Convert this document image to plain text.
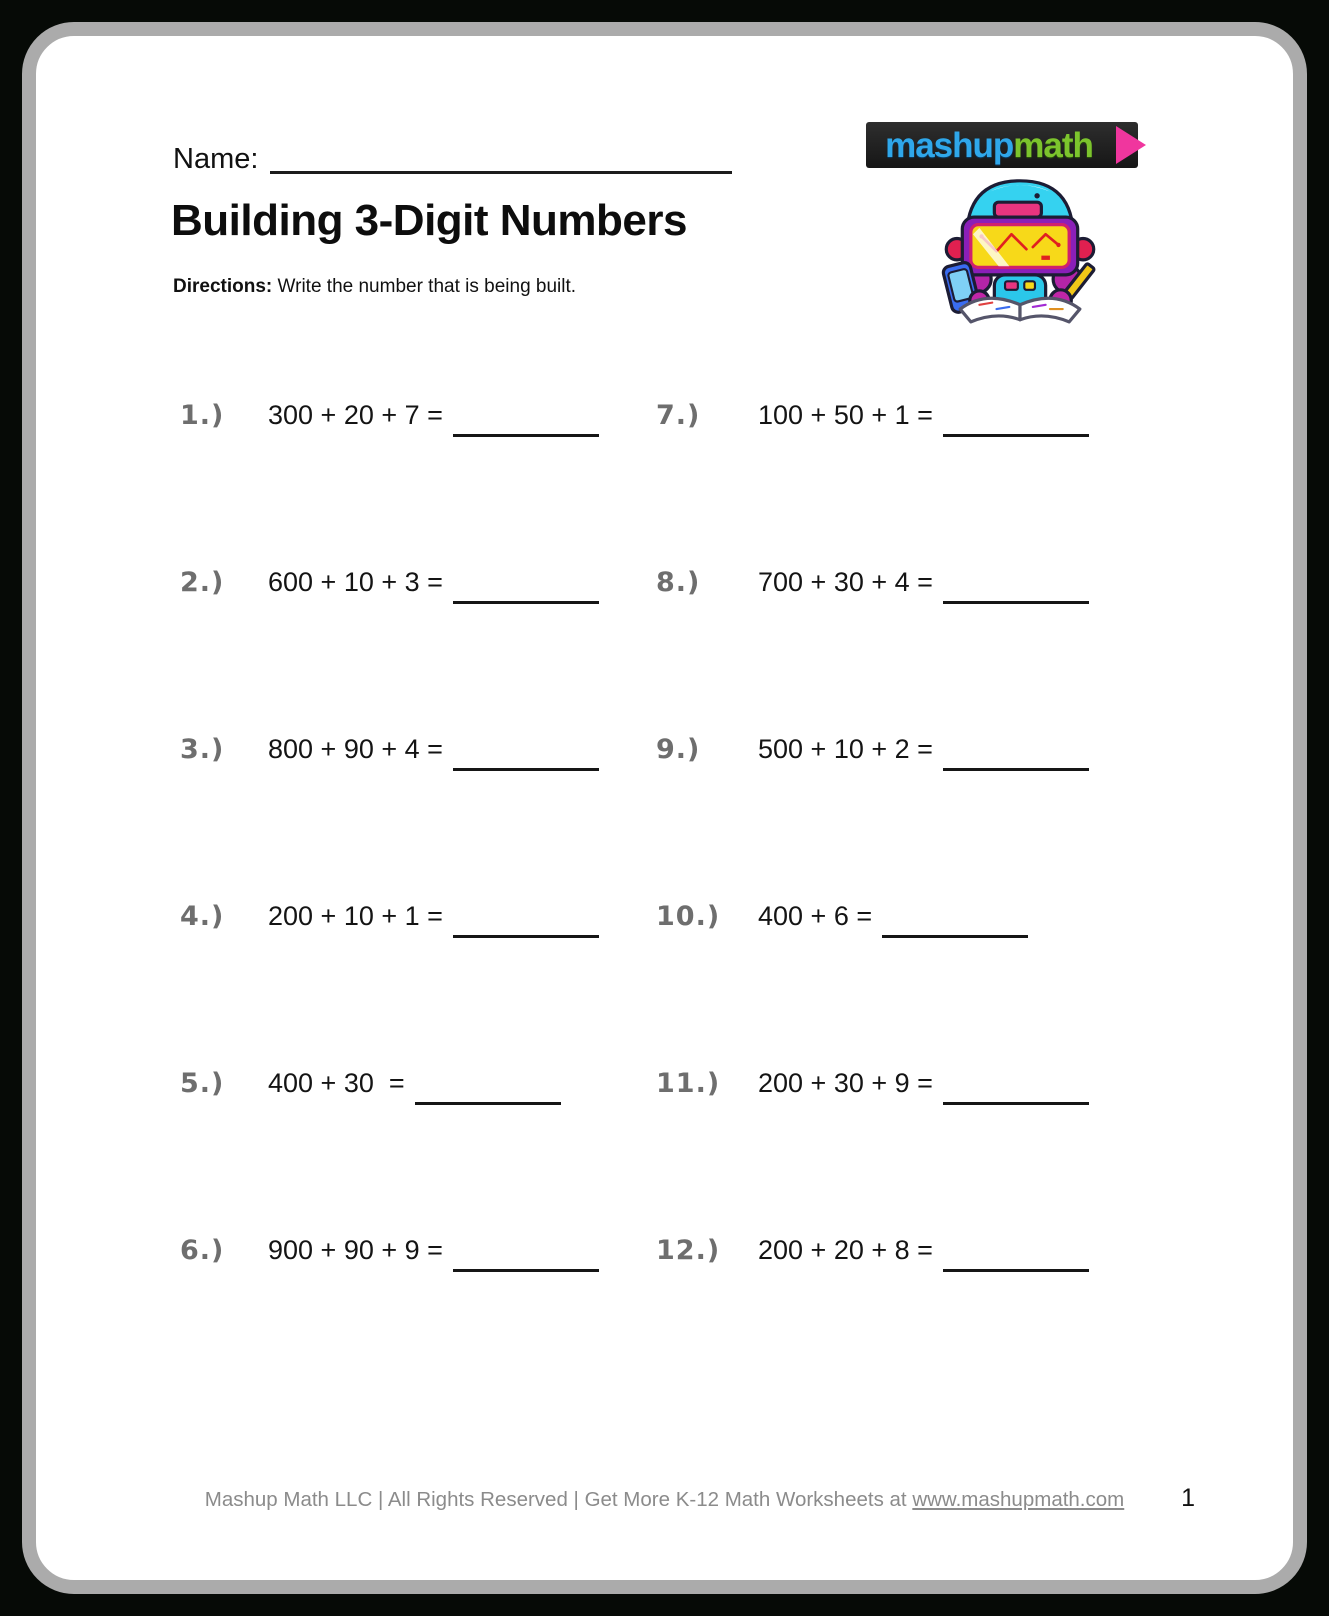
Name:	mashupmath
Building 3-Digit Numbers
Directions: Write the number that is being built.
1.)	300 + 20 + 7 =
2.)	600 + 10 + 3 =
3.)	800 + 90 + 4 =
4.)	200 + 10 + 1 =
5.)	400 + 30  =
6.)	900 + 90 + 9 =
7.)	100 + 50 + 1 =
8.)	700 + 30 + 4 =
9.)	500 + 10 + 2 =
10.)	400 + 6 =
11.)	200 + 30 + 9 =
12.)	200 + 20 + 8 =
Mashup Math LLC | All Rights Reserved | Get More K-12 Math Worksheets at www.mashupmath.com	1
